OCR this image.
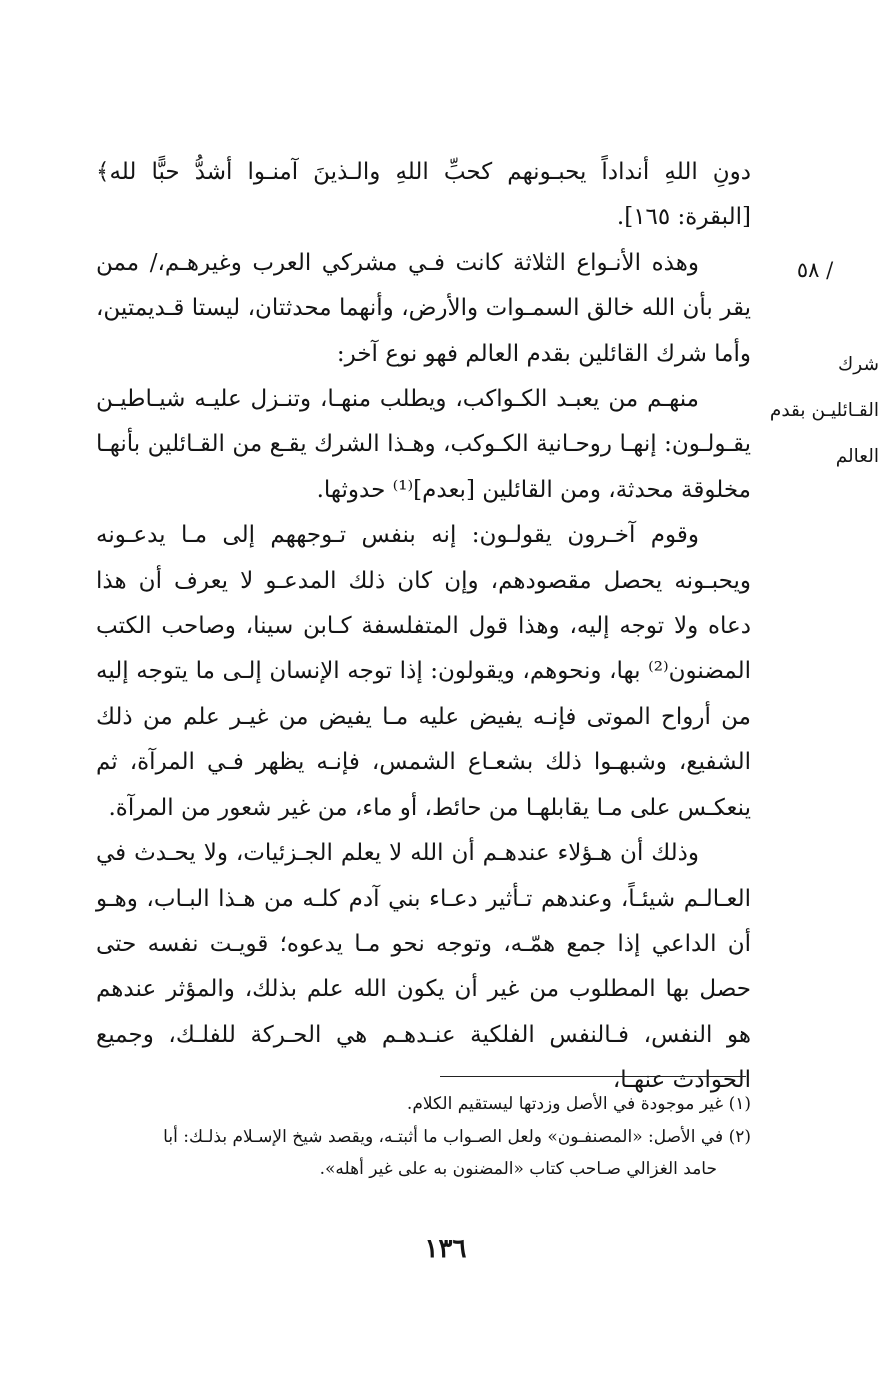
دونِ اللهِ أنداداً يحبـونهم كحبِّ اللهِ والـذينَ آمنـوا أشدُّ حبًّا لله﴾ [البقرة: ١٦٥].

وهذه الأنـواع الثلاثة كانت فـي مشركي العرب وغيرهـم،/ ممن يقر بأن الله خالق السمـوات والأرض، وأنهما محدثتان، ليستا قـديمتين، وأما شرك القائلين بقدم العالم فهو نوع آخر:

منهـم من يعبـد الكـواكب، ويطلب منهـا، وتنـزل عليـه شيـاطيـن يقـولـون: إنهـا روحـانية الكـوكب، وهـذا الشرك يقـع من القـائلين بأنهـا مخلوقة محدثة، ومن القائلين [بعدم]⁽¹⁾ حدوثها.

وقوم آخـرون يقولـون: إنه بنفس تـوجههم إلى مـا يدعـونه ويحبـونه يحصل مقصودهم، وإن كان ذلك المدعـو لا يعرف أن هذا دعاه ولا توجه إليه، وهذا قول المتفلسفة كـابن سينا، وصاحب الكتب المضنون⁽²⁾ بها، ونحوهم، ويقولون: إذا توجه الإنسان إلـى ما يتوجه إليه من أرواح الموتى فإنـه يفيض عليه مـا يفيض من غيـر علم من ذلك الشفيع، وشبهـوا ذلك بشعـاع الشمس، فإنـه يظهر فـي المرآة، ثم ينعكـس على مـا يقابلهـا من حائط، أو ماء، من غير شعور من المرآة.

وذلك أن هـؤلاء عندهـم أن الله لا يعلم الجـزئيات، ولا يحـدث في العـالـم شيئـاً، وعندهم تـأثير دعـاء بني آدم كلـه من هـذا البـاب، وهـو أن الداعي إذا جمع همّـه، وتوجه نحو مـا يدعوه؛ قويـت نفسه حتى حصل بها المطلوب من غير أن يكون الله علم بذلك، والمؤثر عندهم هو النفس، فـالنفس الفلكية عنـدهـم هي الحـركة للفلـك، وجميع الحوادث عنهـا،

/ ٥٨
شرك القـائليـن بقدم العالم

(١) غير موجودة في الأصل وزدتها ليستقيم الكلام.

(٢) في الأصل: «المصنفـون» ولعل الصـواب ما أثبتـه، ويقصد شيخ الإسـلام بذلـك: أبا

حامد الغزالي صـاحب كتاب «المضنون به على غير أهله».

١٣٦
